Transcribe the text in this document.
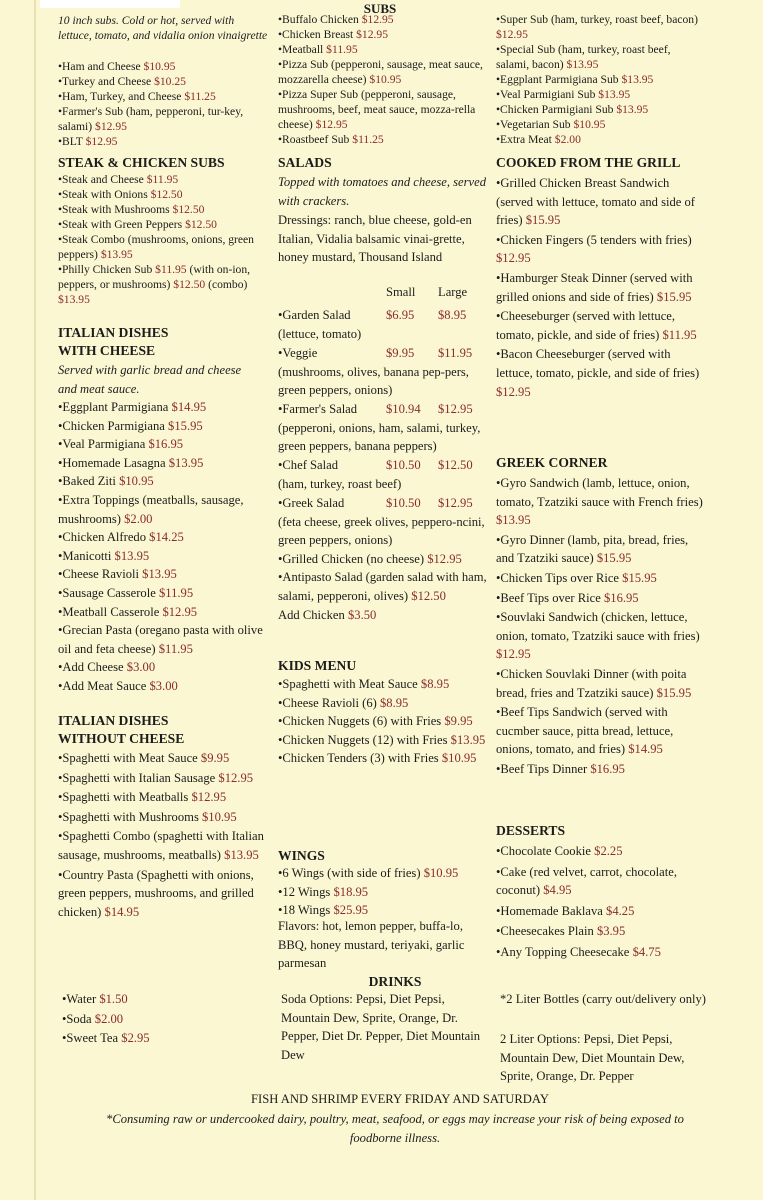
SUBS

10 inch subs. Cold or hot, served with lettuce, tomato, and vidalia onion vinaigrette

•Ham and Cheese $10.95

•Turkey and Cheese $10.25

•Ham, Turkey, and Cheese $11.25

•Farmer's Sub (ham, pepperoni, tur-key, salami) $12.95

•BLT $12.95

STEAK & CHICKEN SUBS

•Steak and Cheese $11.95

•Steak with Onions $12.50

•Steak with Mushrooms $12.50

•Steak with Green Peppers $12.50

•Steak Combo (mushrooms, onions, green peppers) $13.95

•Philly Chicken Sub $11.95 (with on-ion, peppers, or mushrooms) $12.50 (combo) $13.95

ITALIAN DISHES

WITH CHEESE

Served with garlic bread and cheese and meat sauce.

•Eggplant Parmigiana $14.95

•Chicken Parmigiana $15.95

•Veal Parmigiana $16.95

•Homemade Lasagna $13.95

•Baked Ziti $10.95

•Extra Toppings (meatballs, sausage, mushrooms) $2.00

•Chicken Alfredo $14.25

•Manicotti $13.95

•Cheese Ravioli $13.95

•Sausage Casserole $11.95

•Meatball Casserole $12.95

•Grecian Pasta (oregano pasta with olive oil and feta cheese) $11.95

•Add Cheese $3.00

•Add Meat Sauce $3.00

ITALIAN DISHES

WITHOUT CHEESE

•Spaghetti with Meat Sauce $9.95

•Spaghetti with Italian Sausage $12.95

•Spaghetti with Meatballs $12.95

•Spaghetti with Mushrooms $10.95

•Spaghetti Combo (spaghetti with Italian sausage, mushrooms, meatballs) $13.95

•Country Pasta (Spaghetti with onions, green peppers, mushrooms, and grilled chicken) $14.95

•Buffalo Chicken $12.95

•Chicken Breast $12.95

•Meatball $11.95

•Pizza Sub (pepperoni, sausage, meat sauce, mozzarella cheese) $10.95

•Pizza Super Sub (pepperoni, sausage, mushrooms, beef, meat sauce, mozza-rella cheese) $12.95

•Roastbeef Sub $11.25

SALADS

Topped with tomatoes and cheese, served with crackers.

Dressings: ranch, blue cheese, gold-en Italian, Vidalia balsamic vinai-grette, honey mustard, Thousand Island

Small Large
•Garden Salad	$6.95 $8.95

(lettuce, tomato)

•Veggie	$9.95 $11.95

(mushrooms, olives, banana pep-pers, green peppers, onions)

•Farmer's Salad $10.94 $12.95

(pepperoni, onions, ham, salami, turkey, green peppers, banana peppers)

•Chef Salad	$10.50 $12.50

(ham, turkey, roast beef)

•Greek Salad	$10.50 $12.95

(feta cheese, greek olives, peppero-ncini, green peppers, onions)

•Grilled Chicken (no cheese) $12.95

•Antipasto Salad (garden salad with ham, salami, pepperoni, olives) $12.50

Add Chicken $3.50

KIDS MENU

•Spaghetti with Meat Sauce $8.95

•Cheese Ravioli (6) $8.95

•Chicken Nuggets (6) with Fries $9.95

•Chicken Nuggets (12) with Fries $13.95

•Chicken Tenders (3) with Fries $10.95

WINGS

•6 Wings (with side of fries) $10.95

•12 Wings $18.95

•18 Wings $25.95

Flavors: hot, lemon pepper, buffa-lo, BBQ, honey mustard, teriyaki, garlic parmesan

•Super Sub (ham, turkey, roast beef, bacon) $12.95

•Special Sub (ham, turkey, roast beef, salami, bacon) $13.95

•Eggplant Parmigiana Sub $13.95

•Veal Parmigiani Sub $13.95

•Chicken Parmigiani Sub $13.95

•Vegetarian Sub $10.95

•Extra Meat $2.00

COOKED FROM THE GRILL

•Grilled Chicken Breast Sandwich (served with lettuce, tomato and side of fries) $15.95

•Chicken Fingers (5 tenders with fries) $12.95

•Hamburger Steak Dinner (served with grilled onions and side of fries) $15.95

•Cheeseburger (served with lettuce, tomato, pickle, and side of fries) $11.95

•Bacon Cheeseburger (served with lettuce, tomato, pickle, and side of fries) $12.95

GREEK CORNER

•Gyro Sandwich (lamb, lettuce, onion, tomato, Tzatziki sauce with French fries) $13.95

•Gyro Dinner (lamb, pita, bread, fries, and Tzatziki sauce) $15.95

•Chicken Tips over Rice $15.95

•Beef Tips over Rice $16.95

•Souvlaki Sandwich (chicken, lettuce, onion, tomato, Tzatziki sauce with fries) $12.95

•Chicken Souvlaki Dinner (with poita bread, fries and Tzatziki sauce) $15.95

•Beef Tips Sandwich (served with cucmber sauce, pitta bread, lettuce, onions, tomato, and fries) $14.95

•Beef Tips Dinner $16.95

DESSERTS

•Chocolate Cookie $2.25

•Cake (red velvet, carrot, chocolate, coconut) $4.95

•Homemade Baklava $4.25

•Cheesecakes Plain $3.95

•Any Topping Cheesecake $4.75

DRINKS

•Water $1.50

•Soda $2.00

•Sweet Tea $2.95

Soda Options: Pepsi, Diet Pepsi, Mountain Dew, Sprite, Orange, Dr. Pepper, Diet Dr. Pepper, Diet Mountain Dew

*2 Liter Bottles (carry out/delivery only)

2 Liter Options: Pepsi, Diet Pepsi, Mountain Dew, Diet Mountain Dew, Sprite, Orange, Dr. Pepper

FISH AND SHRIMP EVERY FRIDAY AND SATURDAY

*Consuming raw or undercooked dairy, poultry, meat, seafood, or eggs may increase your risk of being exposed to foodborne illness.
